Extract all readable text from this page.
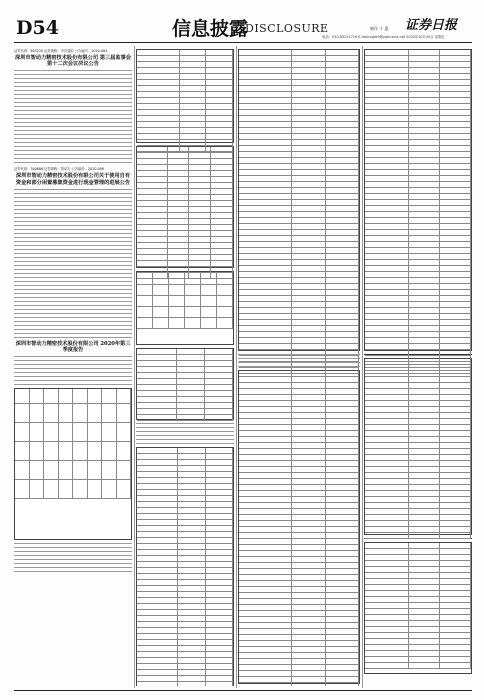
D54	信息披露
DISCLOSURE	证券日报
制作 于 惠
电话：010-83251716 E-mail:zqrb9@zqrb.sina.net 2020年10月30日 星期五
证券代码：603220 证券简称：中贝通信 公告编号：2020-084
深圳市智动力精密技术股份有限公司 第三届监事会第十二次会议决议公告
证券代码：300686 证券简称：智动力 公告编号：2020-098
深圳市智动力精密技术股份有限公司关于使用自有资金和部分闲置募集资金进行现金管理的进展公告
深圳市智动力精密技术股份有限公司 2020年第三季度报告
